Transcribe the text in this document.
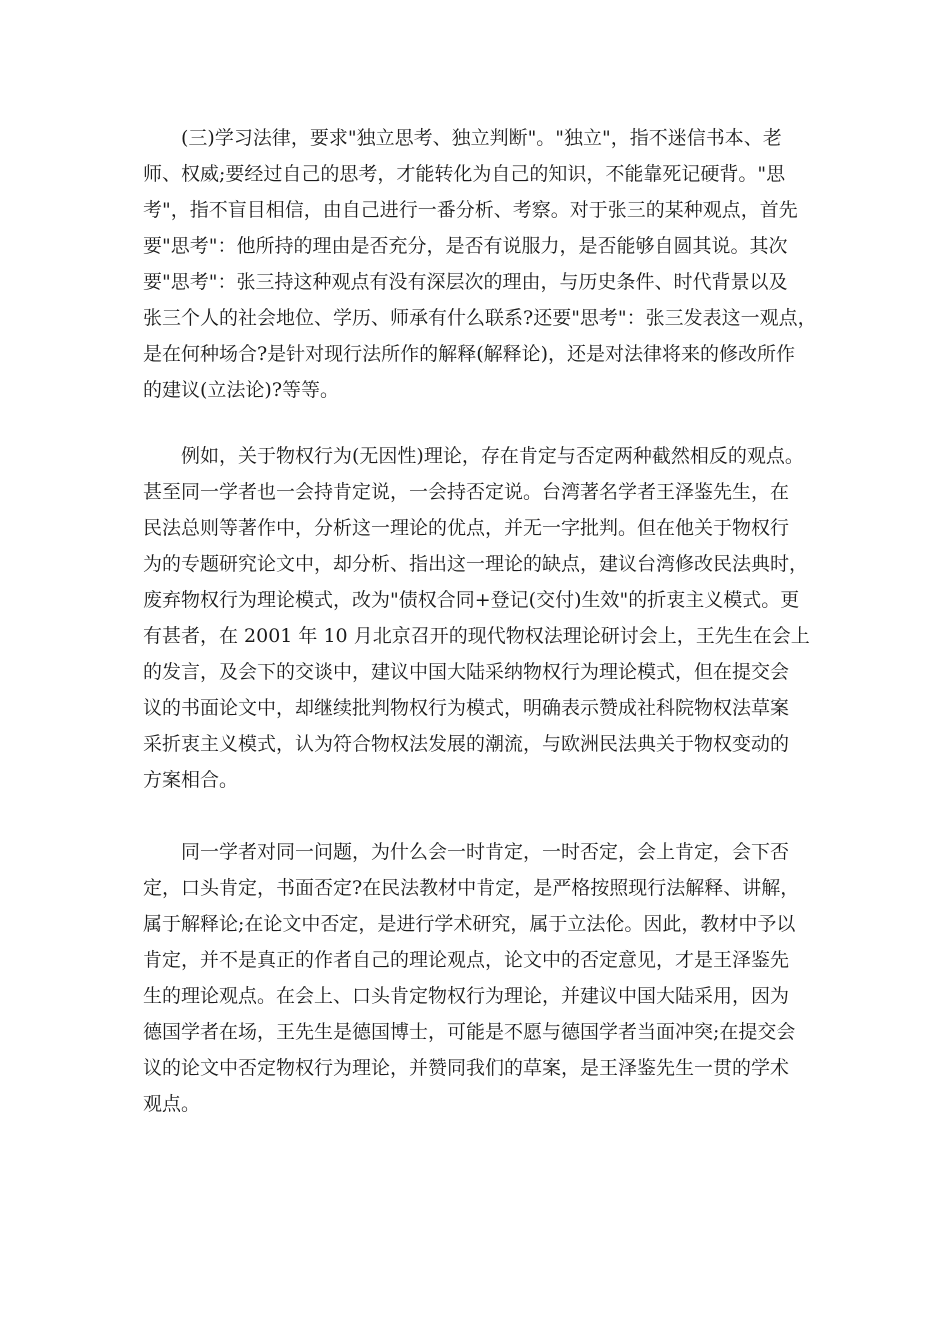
(三)学习法律，要求"独立思考、独立判断"。"独立"，指不迷信书本、老
师、权威;要经过自己的思考，才能转化为自己的知识，不能靠死记硬背。"思
考"，指不盲目相信，由自己进行一番分析、考察。对于张三的某种观点，首先
要"思考"：他所持的理由是否充分，是否有说服力，是否能够自圆其说。其次
要"思考"：张三持这种观点有没有深层次的理由，与历史条件、时代背景以及
张三个人的社会地位、学历、师承有什么联系?还要"思考"：张三发表这一观点，
是在何种场合?是针对现行法所作的解释(解释论)，还是对法律将来的修改所作
的建议(立法论)?等等。
例如，关于物权行为(无因性)理论，存在肯定与否定两种截然相反的观点。
甚至同一学者也一会持肯定说，一会持否定说。台湾著名学者王泽鉴先生，在
民法总则等著作中，分析这一理论的优点，并无一字批判。但在他关于物权行
为的专题研究论文中，却分析、指出这一理论的缺点，建议台湾修改民法典时，
废弃物权行为理论模式，改为"债权合同+登记(交付)生效"的折衷主义模式。更
有甚者，在 2001 年 10 月北京召开的现代物权法理论研讨会上，王先生在会上
的发言，及会下的交谈中，建议中国大陆采纳物权行为理论模式，但在提交会
议的书面论文中，却继续批判物权行为模式，明确表示赞成社科院物权法草案
采折衷主义模式，认为符合物权法发展的潮流，与欧洲民法典关于物权变动的
方案相合。
同一学者对同一问题，为什么会一时肯定，一时否定，会上肯定，会下否
定，口头肯定，书面否定?在民法教材中肯定，是严格按照现行法解释、讲解，
属于解释论;在论文中否定，是进行学术研究，属于立法伦。因此，教材中予以
肯定，并不是真正的作者自己的理论观点，论文中的否定意见，才是王泽鉴先
生的理论观点。在会上、口头肯定物权行为理论，并建议中国大陆采用，因为
德国学者在场，王先生是德国博士，可能是不愿与德国学者当面冲突;在提交会
议的论文中否定物权行为理论，并赞同我们的草案，是王泽鉴先生一贯的学术
观点。
